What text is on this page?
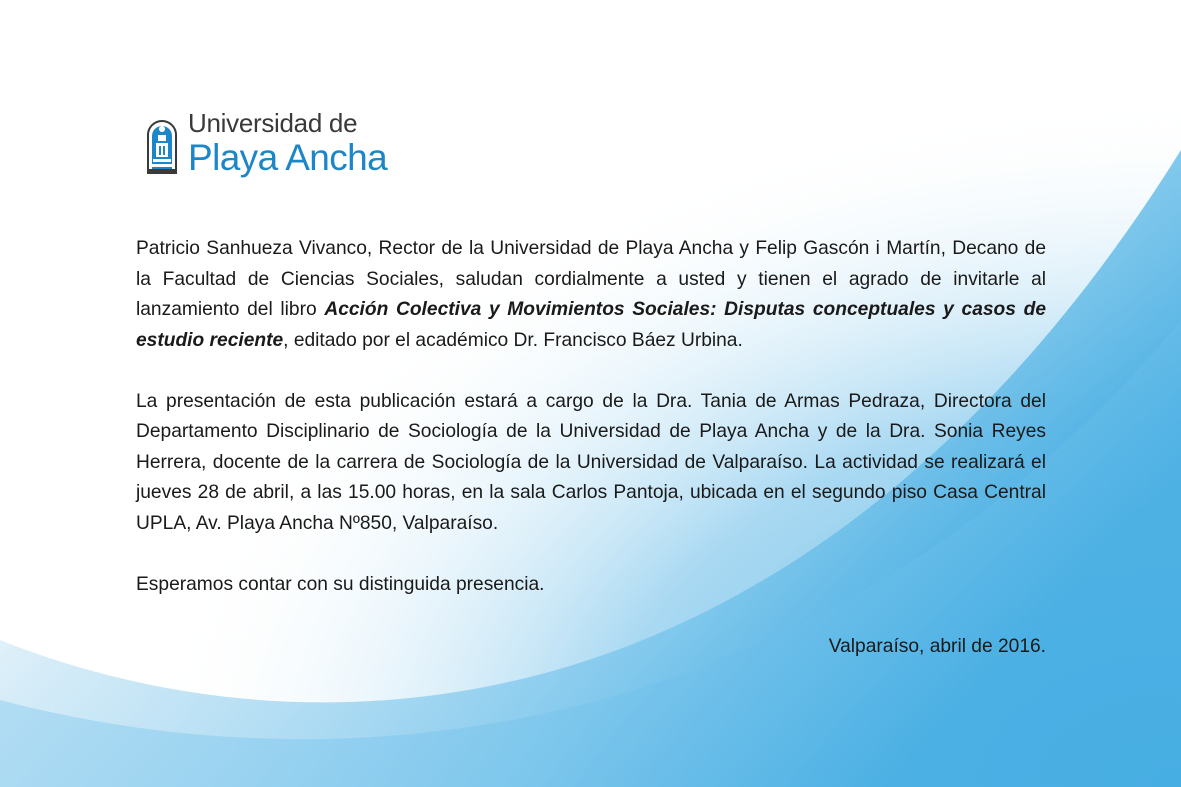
Universidad de
Playa Ancha

Patricio Sanhueza Vivanco, Rector de la Universidad de Playa Ancha y Felip Gascón i Martín, Decano de la Facultad de Ciencias Sociales, saludan cordialmente a usted y tienen el agrado de invitarle al lanzamiento del libro Acción Colectiva y Movimientos Sociales: Disputas conceptuales y casos de estudio reciente, editado por el académico Dr. Francisco Báez Urbina.

La presentación de esta publicación estará a cargo de la Dra. Tania de Armas Pedraza, Directora del Departamento Disciplinario de Sociología de la Universidad de Playa Ancha y de la Dra. Sonia Reyes Herrera, docente de la carrera de Sociología de la Universidad de Valparaíso. La actividad se realizará el jueves 28 de abril, a las 15.00 horas, en la sala Carlos Pantoja, ubicada en el segundo piso Casa Central UPLA, Av. Playa Ancha Nº850, Valparaíso.

Esperamos contar con su distinguida presencia.

Valparaíso, abril de 2016.
